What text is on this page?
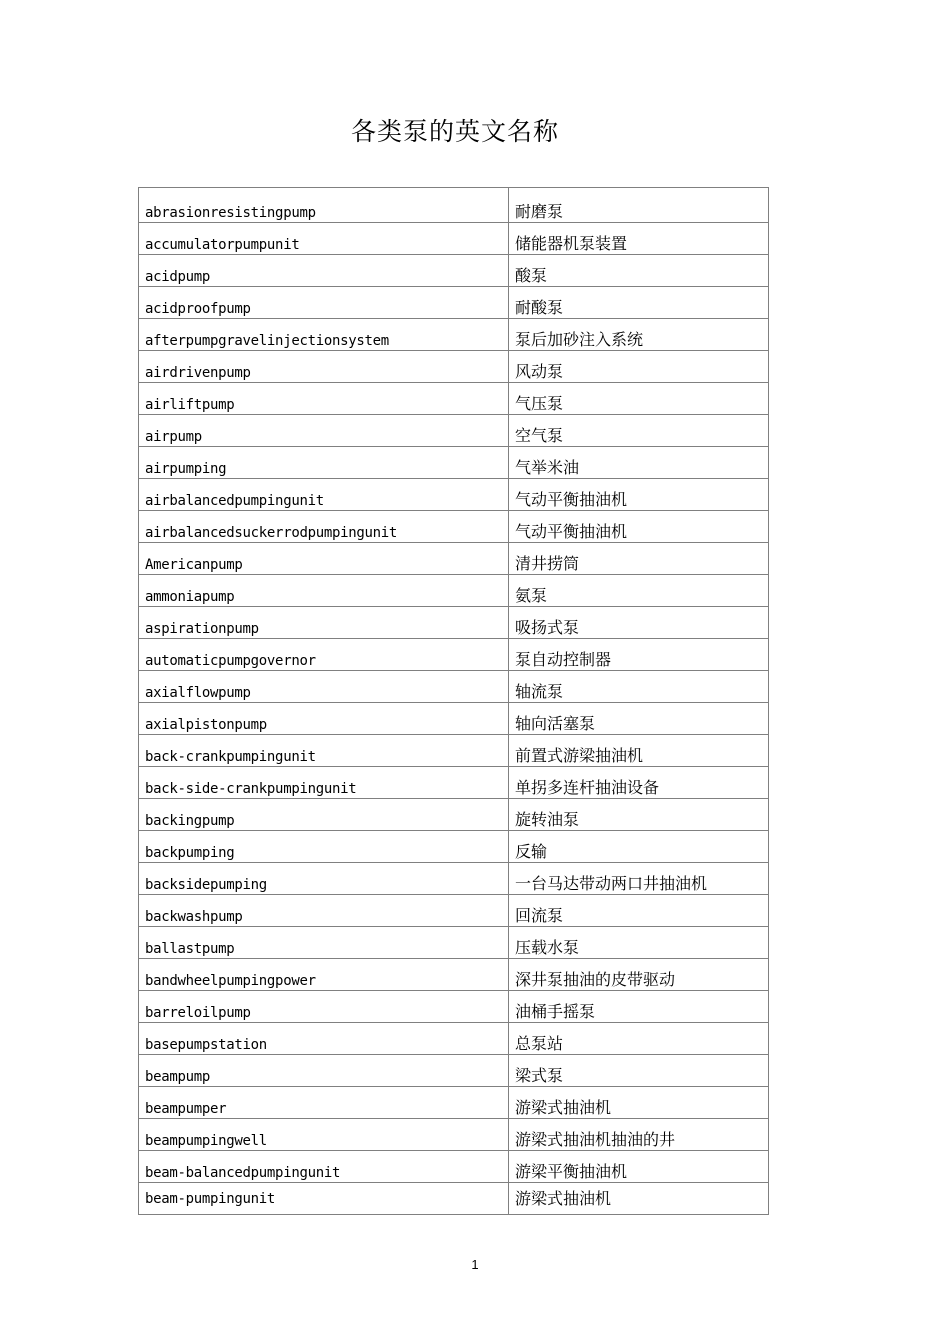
各类泵的英文名称
abrasionresistingpump	耐磨泵
accumulatorpumpunit	储能器机泵装置
acidpump	酸泵
acidproofpump	耐酸泵
afterpumpgravelinjectionsystem	泵后加砂注入系统
airdrivenpump	风动泵
airliftpump	气压泵
airpump	空气泵
airpumping	气举米油
airbalancedpumpingunit	气动平衡抽油机
airbalancedsuckerrodpumpingunit	气动平衡抽油机
Americanpump	清井捞筒
ammoniapump	氨泵
aspirationpump	吸扬式泵
automaticpumpgovernor	泵自动控制器
axialflowpump	轴流泵
axialpistonpump	轴向活塞泵
back-crankpumpingunit	前置式游梁抽油机
back-side-crankpumpingunit	单拐多连杆抽油设备
backingpump	旋转油泵
backpumping	反输
backsidepumping	一台马达带动两口井抽油机
backwashpump	回流泵
ballastpump	压载水泵
bandwheelpumpingpower	深井泵抽油的皮带驱动
barreloilpump	油桶手摇泵
basepumpstation	总泵站
beampump	梁式泵
beampumper	游梁式抽油机
beampumpingwell	游梁式抽油机抽油的井
beam-balancedpumpingunit	游梁平衡抽油机
beam-pumpingunit	游梁式抽油机
1
